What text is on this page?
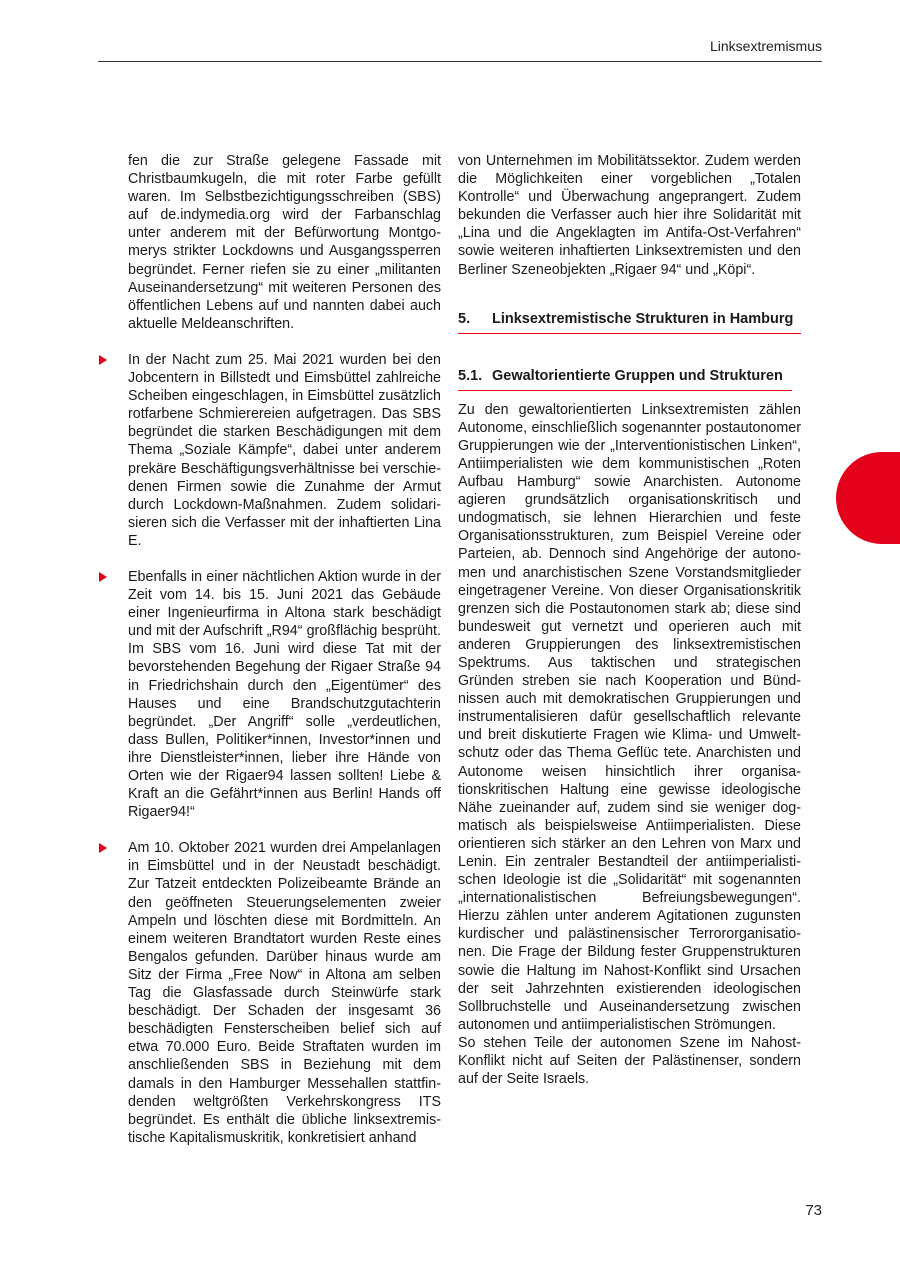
Linksextremismus

fen die zur Straße gelegene Fassade mit Christbaumkugeln, die mit roter Farbe gefüllt waren. Im Selbstbezichtigungsschreiben (SBS) auf de.indymedia.org wird der Farbanschlag unter anderem mit der Befürwortung Montgomerys strikter Lockdowns und Ausgangssperren begründet. Ferner riefen sie zu einer „militanten Auseinandersetzung“ mit weiteren Personen des öffentlichen Lebens auf und nannten dabei auch aktuelle Meldeanschriften.

In der Nacht zum 25. Mai 2021 wurden bei den Jobcentern in Billstedt und Eimsbüttel zahlreiche Scheiben eingeschlagen, in Eimsbüttel zusätzlich rotfarbene Schmierereien aufgetragen. Das SBS begründet die starken Beschädigungen mit dem Thema „Soziale Kämpfe“, dabei unter anderem prekäre Beschäftigungsverhältnisse bei verschiedenen Firmen sowie die Zunahme der Armut durch Lockdown-Maßnahmen. Zudem solidarisieren sich die Verfasser mit der inhaftierten Lina E.

Ebenfalls in einer nächtlichen Aktion wurde in der Zeit vom 14. bis 15. Juni 2021 das Gebäude einer Ingenieurfirma in Altona stark beschädigt und mit der Aufschrift „R94“ großflächig besprüht. Im SBS vom 16. Juni wird diese Tat mit der bevorstehenden Begehung der Rigaer Straße 94 in Friedrichshain durch den „Eigentümer“ des Hauses und eine Brandschutzgutachterin begründet. „Der Angriff“ solle „verdeutlichen, dass Bullen, Politiker*innen, Investor*innen und ihre Dienstleister*innen, lieber ihre Hände von Orten wie der Rigaer94 lassen sollten! Liebe & Kraft an die Gefährt*innen aus Berlin! Hands off Rigaer94!“

Am 10. Oktober 2021 wurden drei Ampelanlagen in Eimsbüttel und in der Neustadt beschädigt. Zur Tatzeit entdeckten Polizeibeamte Brände an den geöffneten Steuerungselementen zweier Ampeln und löschten diese mit Bordmitteln. An einem weiteren Brandtatort wurden Reste eines Bengalos gefunden. Darüber hinaus wurde am Sitz der Firma „Free Now“ in Altona am selben Tag die Glasfassade durch Steinwürfe stark beschädigt. Der Schaden der insgesamt 36 beschädigten Fensterscheiben belief sich auf etwa 70.000 Euro. Beide Straftaten wurden im anschließenden SBS in Beziehung mit dem damals in den Hamburger Messehallen stattfindenden weltgrößten Verkehrskongress ITS begründet. Es enthält die übliche linksextremistische Kapitalismuskritik, konkretisiert anhand

von Unternehmen im Mobilitätssektor. Zudem werden die Möglichkeiten einer vorgeblichen „Totalen Kontrolle“ und Überwachung angeprangert. Zudem bekunden die Verfasser auch hier ihre Solidarität mit „Lina und die Angeklagten im Antifa-Ost-Verfahren“ sowie weiteren inhaftierten Linksextremisten und den Berliner Szeneobjekten „Rigaer 94“ und „Köpi“.

5.	Linksextremistische Strukturen in Hamburg
5.1. Gewaltorientierte Gruppen und Strukturen

Zu den gewaltorientierten Linksextremisten zählen Autonome, einschließlich sogenannter postautonomer Gruppierungen wie der „Interventionistischen Linken“, Antiimperialisten wie dem kommunistischen „Roten Aufbau Hamburg“ sowie Anarchisten. Autonome agieren grundsätzlich organisationskritisch und undogmatisch, sie lehnen Hierarchien und feste Organisationsstrukturen, zum Beispiel Vereine oder Parteien, ab. Dennoch sind Angehörige der autonomen und anarchistischen Szene Vorstandsmitglieder eingetragener Vereine. Von dieser Organisationskritik grenzen sich die Postautonomen stark ab; diese sind bundesweit gut vernetzt und operieren auch mit anderen Gruppierungen des linksextremistischen Spektrums. Aus taktischen und strategischen Gründen streben sie nach Kooperation und Bündnissen auch mit demokratischen Gruppierungen und instrumentalisieren dafür gesellschaftlich relevante und breit diskutierte Fragen wie Klima- und Umweltschutz oder das Thema Geflüc tete. Anarchisten und Autonome weisen hinsichtlich ihrer organisationskritischen Haltung eine gewisse ideologische Nähe zueinander auf, zudem sind sie weniger dogmatisch als beispielsweise Antiimperialisten. Diese orientieren sich stärker an den Lehren von Marx und Lenin. Ein zentraler Bestandteil der antiimperialistischen Ideologie ist die „Solidarität“ mit sogenannten „internationalistischen Befreiungsbewegungen“. Hierzu zählen unter anderem Agitationen zugunsten kurdischer und palästinensischer Terrororganisationen. Die Frage der Bildung fester Gruppenstrukturen sowie die Haltung im Nahost-Konflikt sind Ursachen der seit Jahrzehnten existierenden ideologischen Sollbruchstelle und Auseinandersetzung zwischen autonomen und antiimperialistischen Strömungen.

So stehen Teile der autonomen Szene im Nahost-Konflikt nicht auf Seiten der Palästinenser, sondern auf der Seite Israels.

73
